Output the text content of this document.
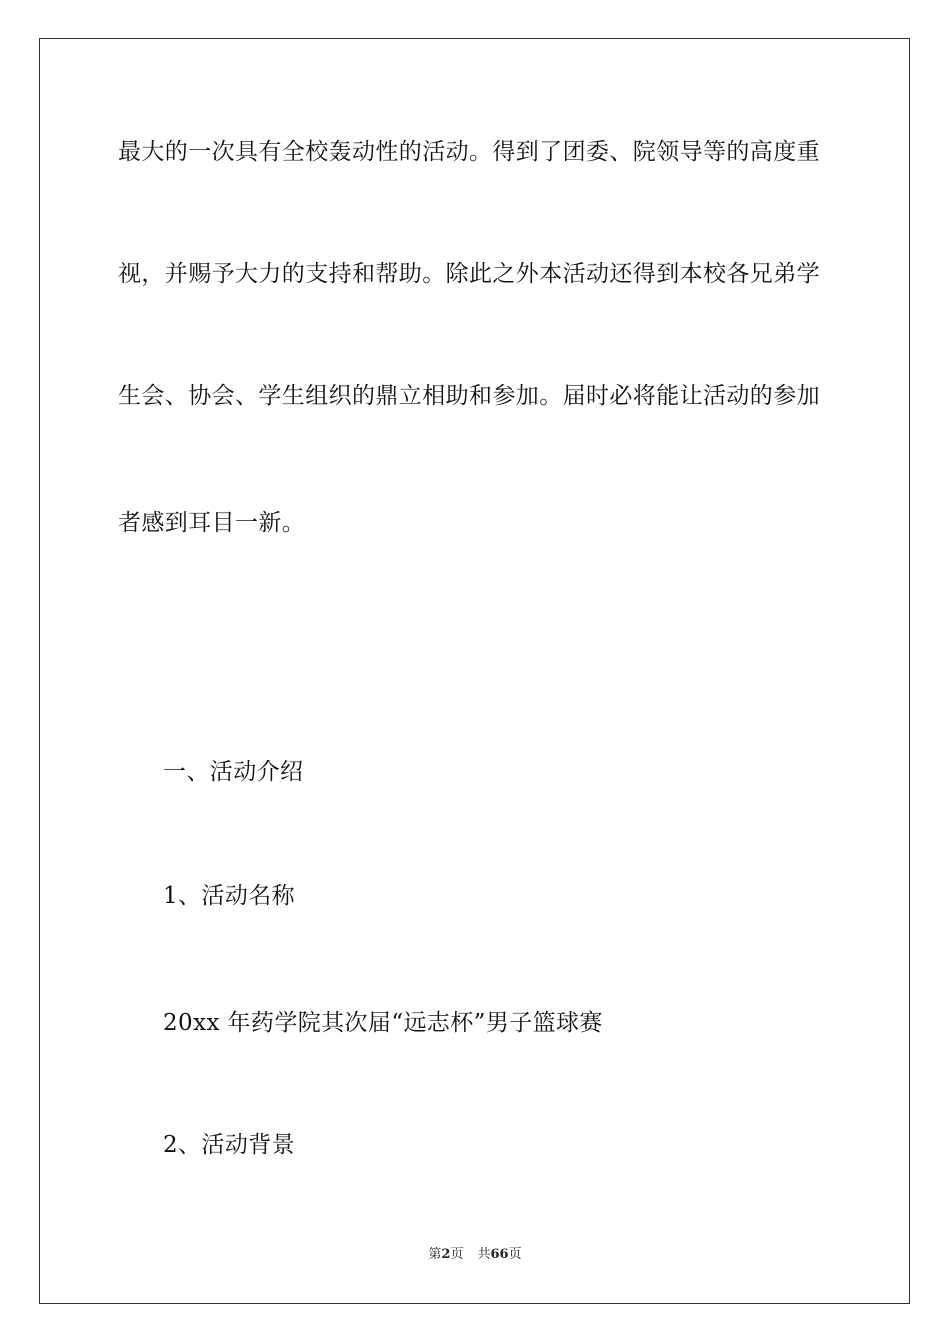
最大的一次具有全校轰动性的活动。得到了团委、院领导等的高度重
视，并赐予大力的支持和帮助。除此之外本活动还得到本校各兄弟学
生会、协会、学生组织的鼎立相助和参加。届时必将能让活动的参加
者感到耳目一新。
一、活动介绍
1、活动名称
20xx 年药学院其次届“远志杯”男子篮球赛
2、活动背景
第2页 共66页
